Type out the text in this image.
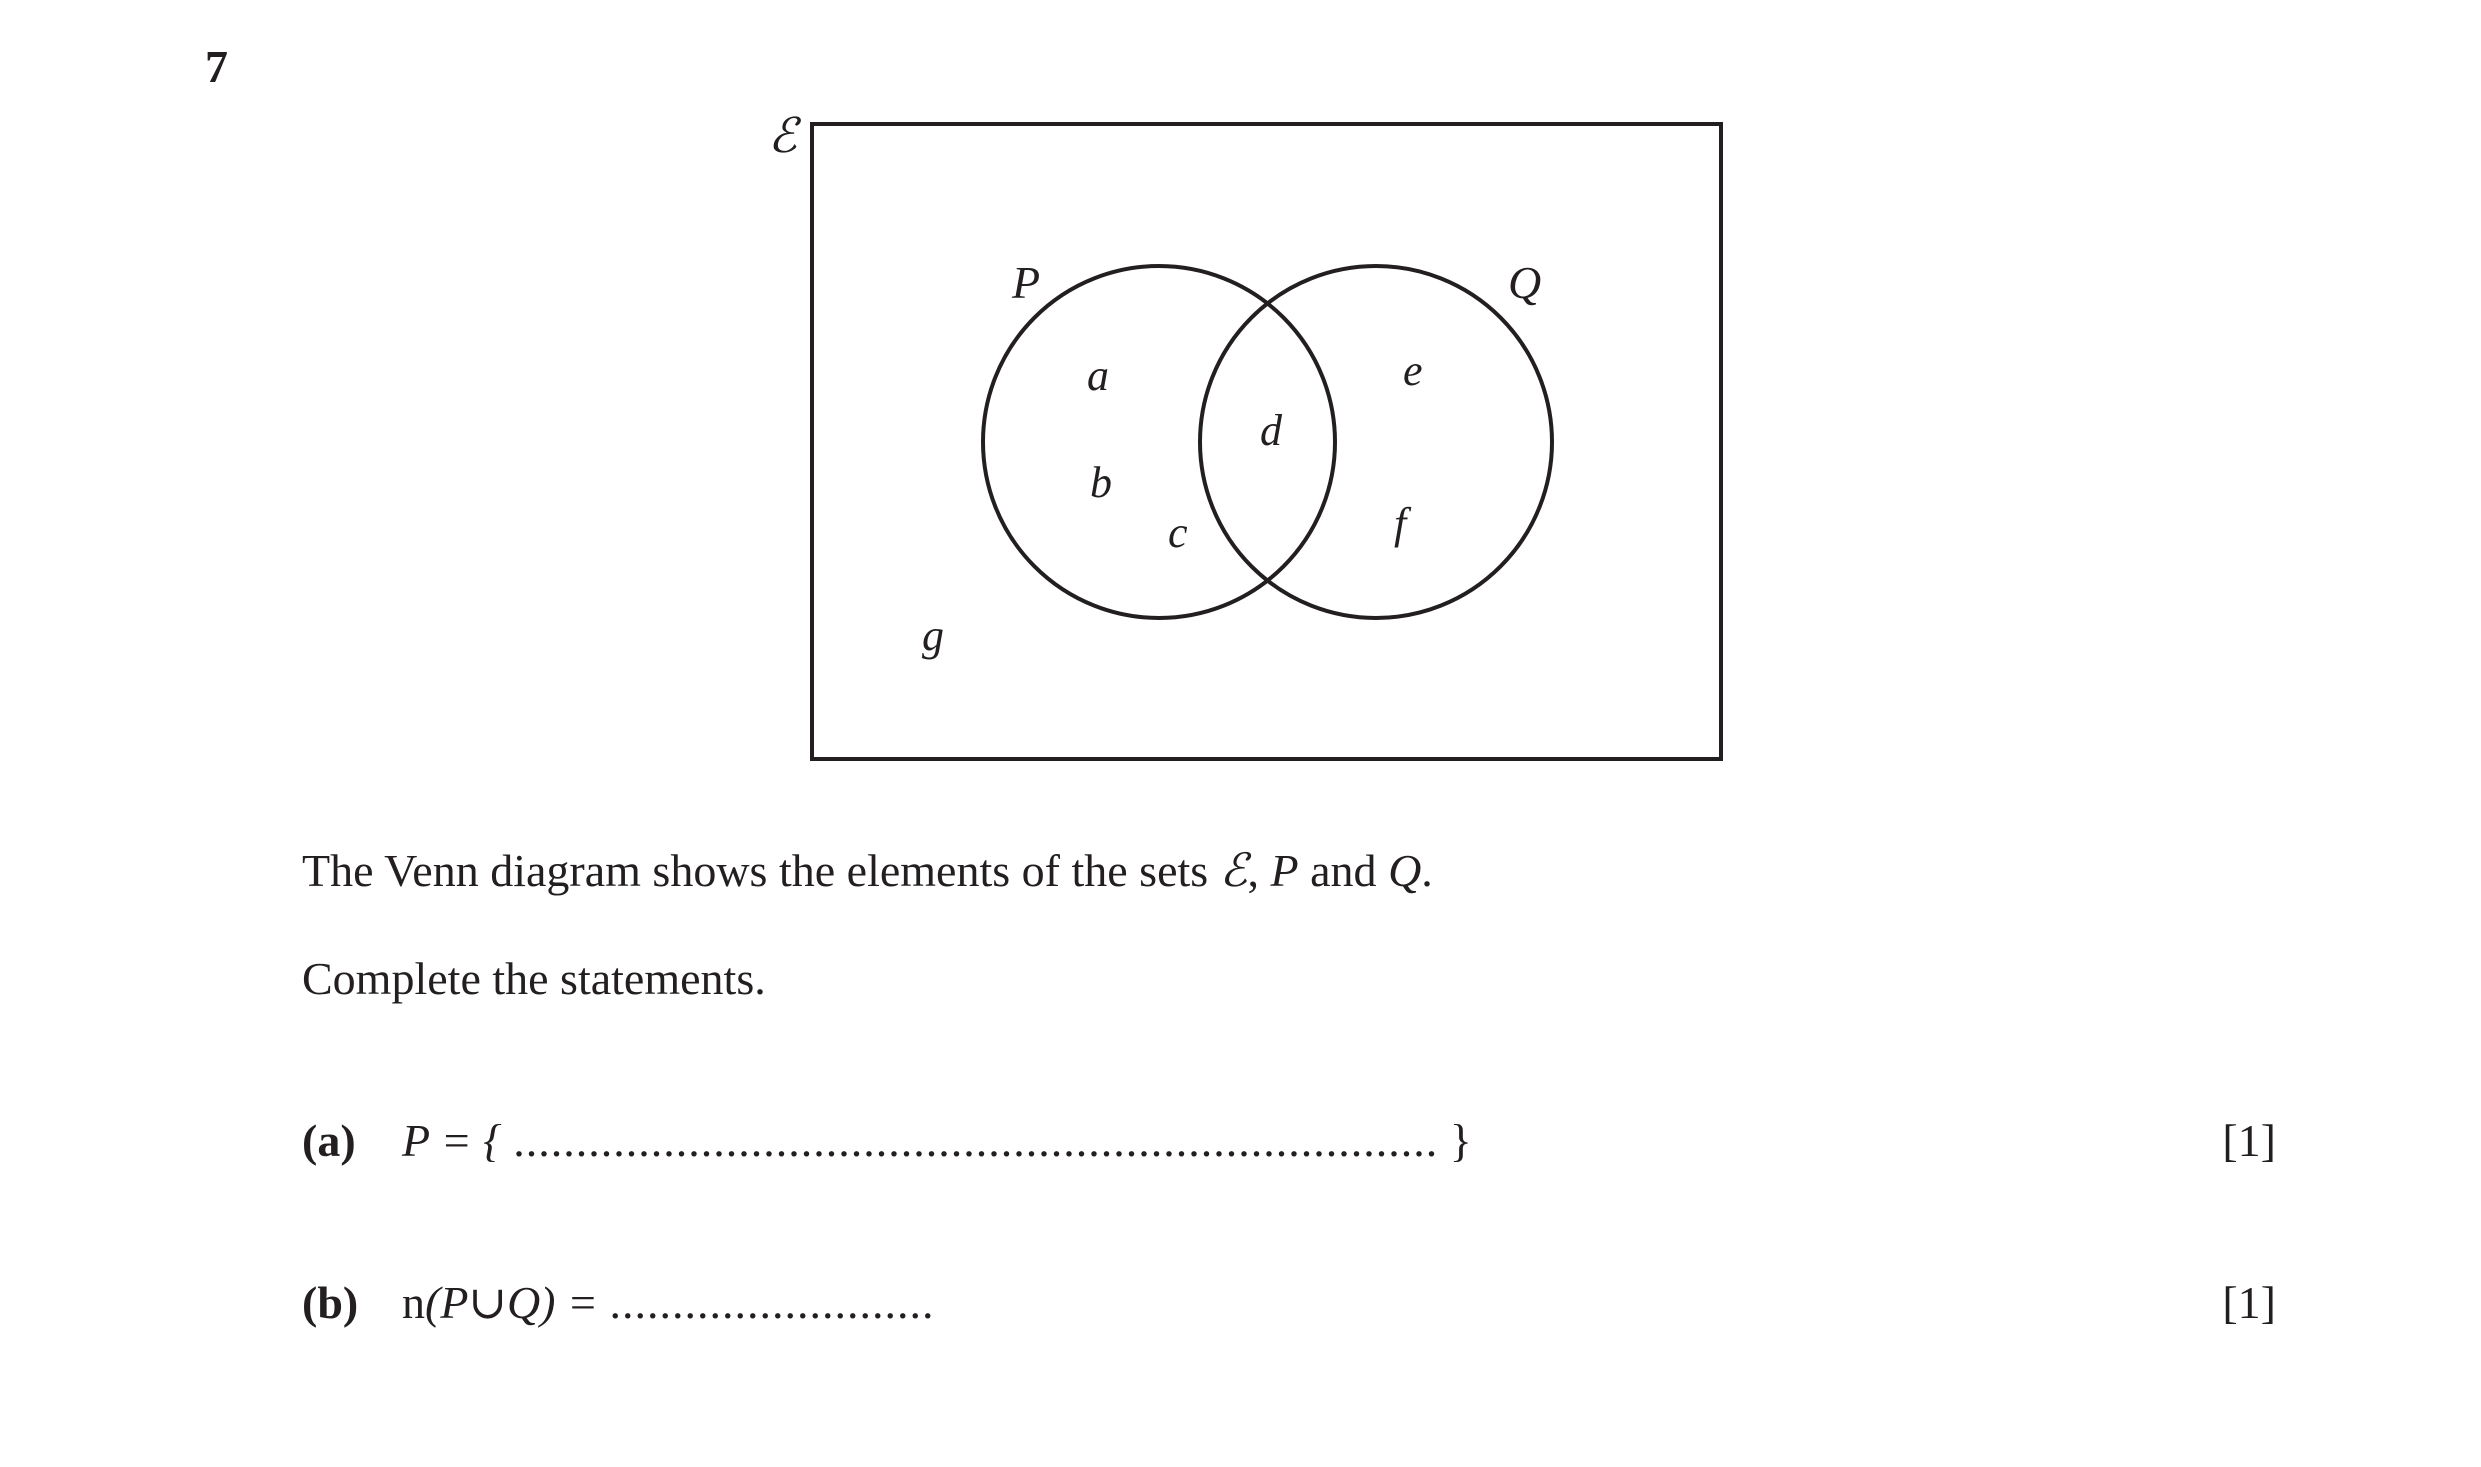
7
ℰ
P	Q
a
b
c
d
e
f
g
The Venn diagram shows the elements of the sets ℰ, P and Q.
Complete the statements.
(a) P = { .......................................................................... }	[1]
(b) n(P∪Q) = ..........................	[1]
